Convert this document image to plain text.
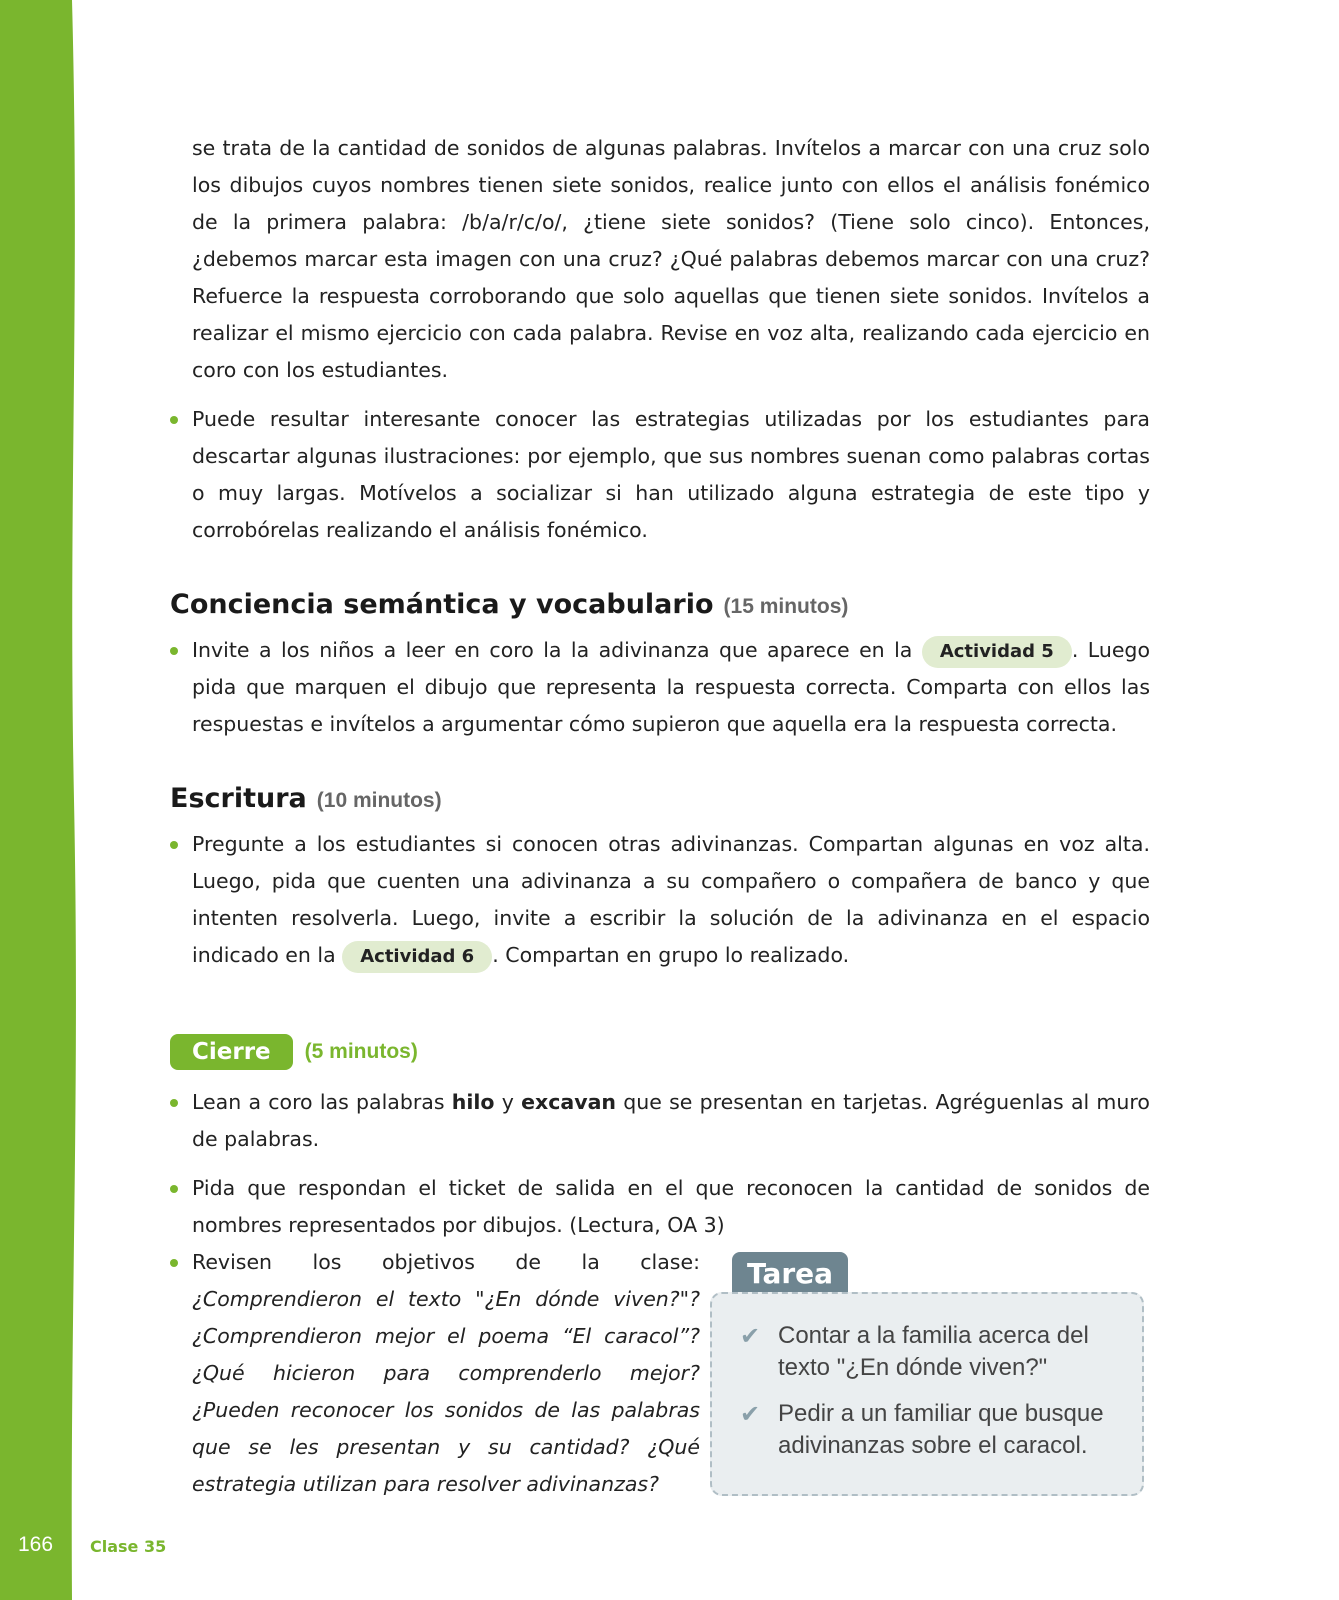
166 Clase 35

se trata de la cantidad de sonidos de algunas palabras. Invítelos a marcar con una cruz solo los dibujos cuyos nombres tienen siete sonidos, realice junto con ellos el análisis fonémico de la primera palabra: /b/a/r/c/o/, ¿tiene siete sonidos? (Tiene solo cinco). Entonces, ¿debemos marcar esta imagen con una cruz? ¿Qué palabras debemos marcar con una cruz? Refuerce la respuesta corroborando que solo aquellas que tienen siete sonidos. Invítelos a realizar el mismo ejercicio con cada palabra. Revise en voz alta, realizando cada ejercicio en coro con los estudiantes.

Puede resultar interesante conocer las estrategias utilizadas por los estudiantes para descartar algunas ilustraciones: por ejemplo, que sus nombres suenan como palabras cortas o muy largas. Motívelos a socializar si han utilizado alguna estrategia de este tipo y corrobórelas realizando el análisis fonémico.
Conciencia semántica y vocabulario (15 minutos)
Invite a los niños a leer en coro la la adivinanza que aparece en la Actividad 5 . Luego pida que marquen el dibujo que representa la respuesta correcta. Comparta con ellos las respuestas e invítelos a argumentar cómo supieron que aquella era la respuesta correcta.
Escritura (10 minutos)
Pregunte a los estudiantes si conocen otras adivinanzas. Compartan algunas en voz alta. Luego, pida que cuenten una adivinanza a su compañero o compañera de banco y que intenten resolverla. Luego, invite a escribir la solución de la adivinanza en el espacio indicado en la Actividad 6 . Compartan en grupo lo realizado.
Cierre	(5 minutos)
Lean a coro las palabras hilo y excavan que se presentan en tarjetas. Agréguenlas al muro de palabras.
Pida que respondan el ticket de salida en el que reconocen la cantidad de sonidos de nombres representados por dibujos. (Lectura, OA 3)
Revisen los objetivos de la clase: ¿Comprendieron el texto "¿En dónde viven?"? ¿Comprendieron mejor el poema “El caracol”? ¿Qué hicieron para comprenderlo mejor? ¿Pueden reconocer los sonidos de las palabras que se les presentan y su cantidad? ¿Qué estrategia utilizan para resolver adivinanzas?
Tarea
✔ Contar a la familia acerca del texto "¿En dónde viven?"
✔ Pedir a un familiar que busque adivinanzas sobre el caracol.
